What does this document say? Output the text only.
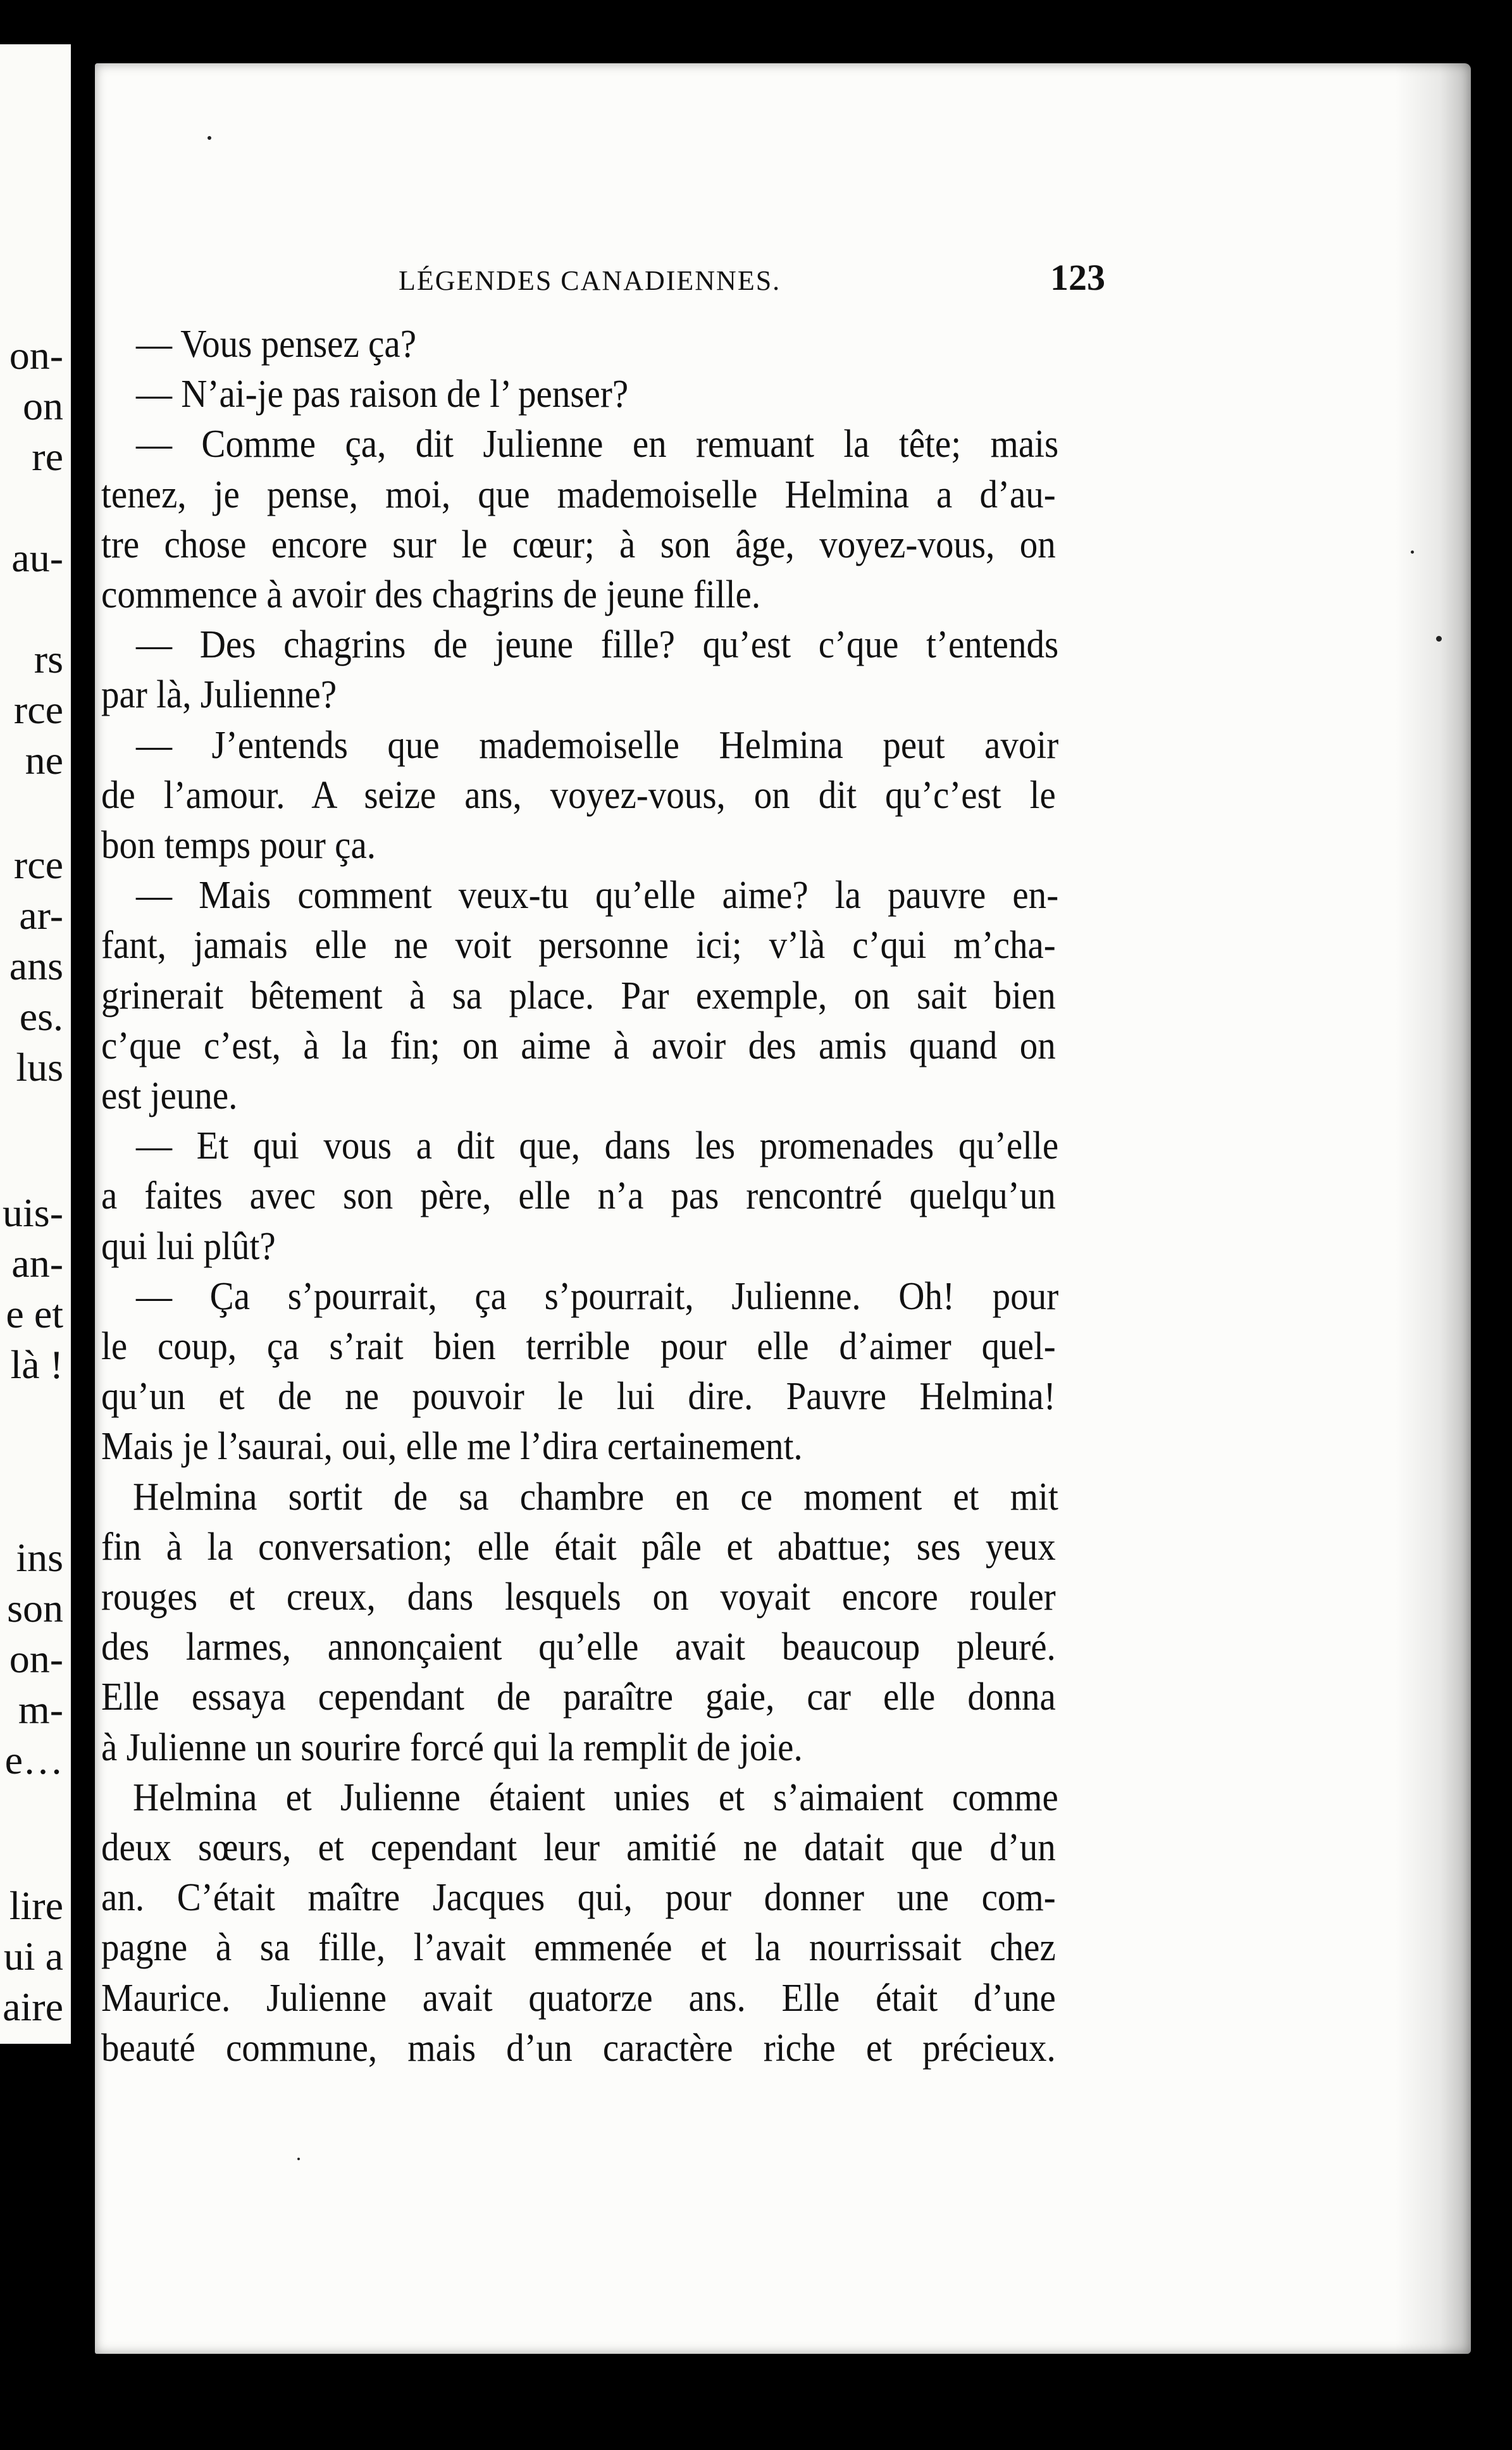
on-
on
re
au-
rs
rce
ne
rce
ar-
ans
es.
lus
uis-
an-
e et
là !
ins
son
on-
m-
e…
lire
ui a
aire
LÉGENDES CANADIENNES.	123
— Vous pensez ça?
— N’ai-je pas raison de l’ penser?
— Comme ça, dit Julienne en remuant la tête; mais
tenez, je pense, moi, que mademoiselle Helmina a d’au-
tre chose encore sur le cœur; à son âge, voyez-vous, on
commence à avoir des chagrins de jeune fille.
— Des chagrins de jeune fille? qu’est c’que t’entends
par là, Julienne?
— J’entends que mademoiselle Helmina peut avoir
de l’amour. A seize ans, voyez-vous, on dit qu’c’est le
bon temps pour ça.
— Mais comment veux-tu qu’elle aime? la pauvre en-
fant, jamais elle ne voit personne ici; v’là c’qui m’cha-
grinerait bêtement à sa place. Par exemple, on sait bien
c’que c’est, à la fin; on aime à avoir des amis quand on
est jeune.
— Et qui vous a dit que, dans les promenades qu’elle
a faites avec son père, elle n’a pas rencontré quelqu’un
qui lui plût?
— Ça s’pourrait, ça s’pourrait, Julienne. Oh! pour
le coup, ça s’rait bien terrible pour elle d’aimer quel-
qu’un et de ne pouvoir le lui dire. Pauvre Helmina!
Mais je l’saurai, oui, elle me l’dira certainement.
Helmina sortit de sa chambre en ce moment et mit
fin à la conversation; elle était pâle et abattue; ses yeux
rouges et creux, dans lesquels on voyait encore rouler
des larmes, annonçaient qu’elle avait beaucoup pleuré.
Elle essaya cependant de paraître gaie, car elle donna
à Julienne un sourire forcé qui la remplit de joie.
Helmina et Julienne étaient unies et s’aimaient comme
deux sœurs, et cependant leur amitié ne datait que d’un
an. C’était maître Jacques qui, pour donner une com-
pagne à sa fille, l’avait emmenée et la nourrissait chez
Maurice. Julienne avait quatorze ans. Elle était d’une
beauté commune, mais d’un caractère riche et précieux.
